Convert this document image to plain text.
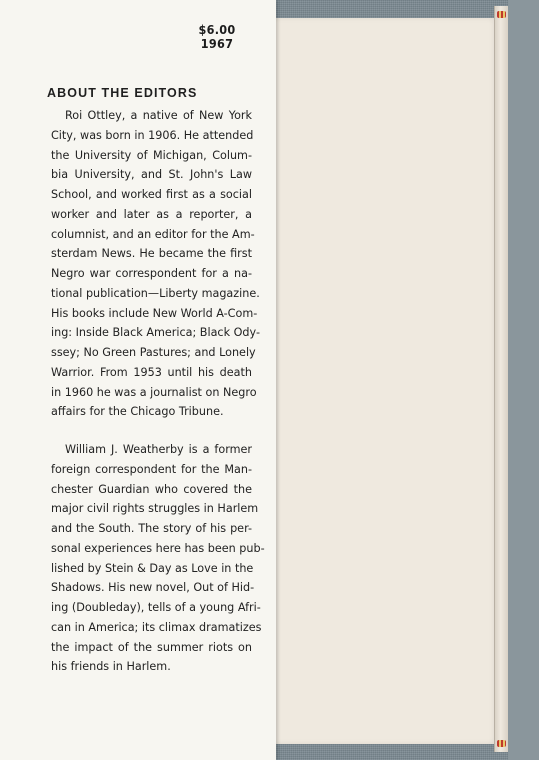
$6.00
1967
ABOUT THE EDITORS
Roi Ottley, a native of New York
City, was born in 1906. He attended
the University of Michigan, Colum-
bia University, and St. John's Law
School, and worked first as a social
worker and later as a reporter, a
columnist, and an editor for the Am-
sterdam News. He became the first
Negro war correspondent for a na-
tional publication—Liberty magazine.
His books include New World A-Com-
ing: Inside Black America; Black Ody-
ssey; No Green Pastures; and Lonely
Warrior. From 1953 until his death
in 1960 he was a journalist on Negro
affairs for the Chicago Tribune.
William J. Weatherby is a former
foreign correspondent for the Man-
chester Guardian who covered the
major civil rights struggles in Harlem
and the South. The story of his per-
sonal experiences here has been pub-
lished by Stein & Day as Love in the
Shadows. His new novel, Out of Hid-
ing (Doubleday), tells of a young Afri-
can in America; its climax dramatizes
the impact of the summer riots on
his friends in Harlem.
